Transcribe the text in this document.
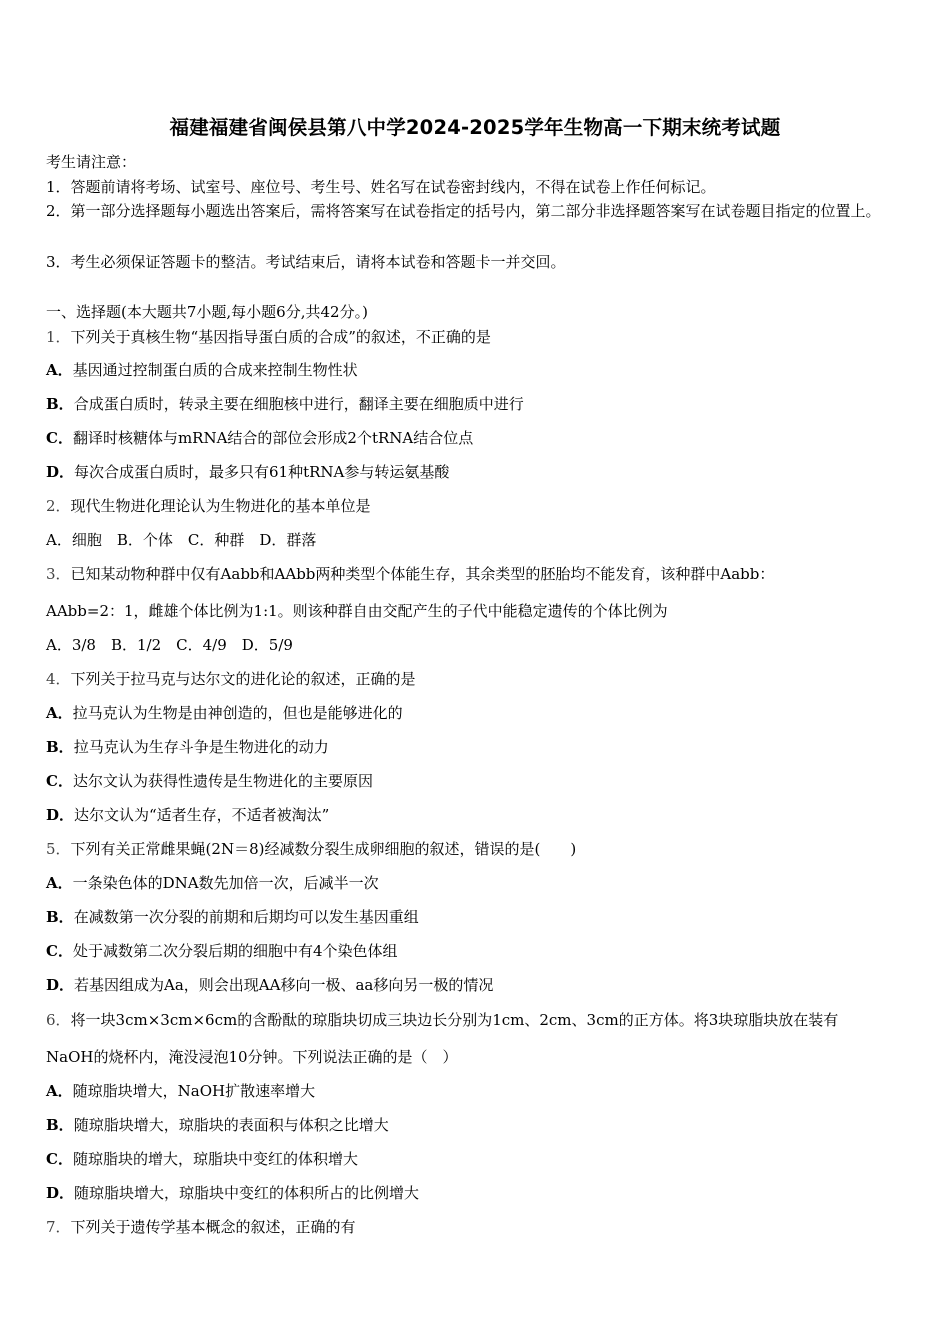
福建福建省闽侯县第八中学2024-2025学年生物高一下期末统考试题
考生请注意：
1．答题前请将考场、试室号、座位号、考生号、姓名写在试卷密封线内，不得在试卷上作任何标记。
2．第一部分选择题每小题选出答案后，需将答案写在试卷指定的括号内，第二部分非选择题答案写在试卷题目指定的位置上。
3．考生必须保证答题卡的整洁。考试结束后，请将本试卷和答题卡一并交回。
一、选择题(本大题共7小题,每小题6分,共42分。)
1．下列关于真核生物“基因指导蛋白质的合成”的叙述，不正确的是
A．基因通过控制蛋白质的合成来控制生物性状
B．合成蛋白质时，转录主要在细胞核中进行，翻译主要在细胞质中进行
C．翻译时核糖体与mRNA结合的部位会形成2个tRNA结合位点
D．每次合成蛋白质时，最多只有61种tRNA参与转运氨基酸
2．现代生物进化理论认为生物进化的基本单位是
A．细胞　B．个体　C．种群　D．群落
3．已知某动物种群中仅有Aabb和AAbb两种类型个体能生存，其余类型的胚胎均不能发育，该种群中Aabb：
AAbb=2：1，雌雄个体比例为1:1。则该种群自由交配产生的子代中能稳定遗传的个体比例为
A．3/8　B．1/2　C．4/9　D．5/9
4．下列关于拉马克与达尔文的进化论的叙述，正确的是
A．拉马克认为生物是由神创造的，但也是能够进化的
B．拉马克认为生存斗争是生物进化的动力
C．达尔文认为获得性遗传是生物进化的主要原因
D．达尔文认为“适者生存，不适者被淘汰”
5．下列有关正常雌果蝇(2N＝8)经减数分裂生成卵细胞的叙述，错误的是(　　)
A．一条染色体的DNA数先加倍一次，后减半一次
B．在减数第一次分裂的前期和后期均可以发生基因重组
C．处于减数第二次分裂后期的细胞中有4个染色体组
D．若基因组成为Aa，则会出现AA移向一极、aa移向另一极的情况
6．将一块3cm×3cm×6cm的含酚酞的琼脂块切成三块边长分别为1cm、2cm、3cm的正方体。将3块琼脂块放在装有
NaOH的烧杯内，淹没浸泡10分钟。下列说法正确的是（　）
A．随琼脂块增大，NaOH扩散速率增大
B．随琼脂块增大，琼脂块的表面积与体积之比增大
C．随琼脂块的增大，琼脂块中变红的体积增大
D．随琼脂块增大，琼脂块中变红的体积所占的比例增大
7．下列关于遗传学基本概念的叙述，正确的有
